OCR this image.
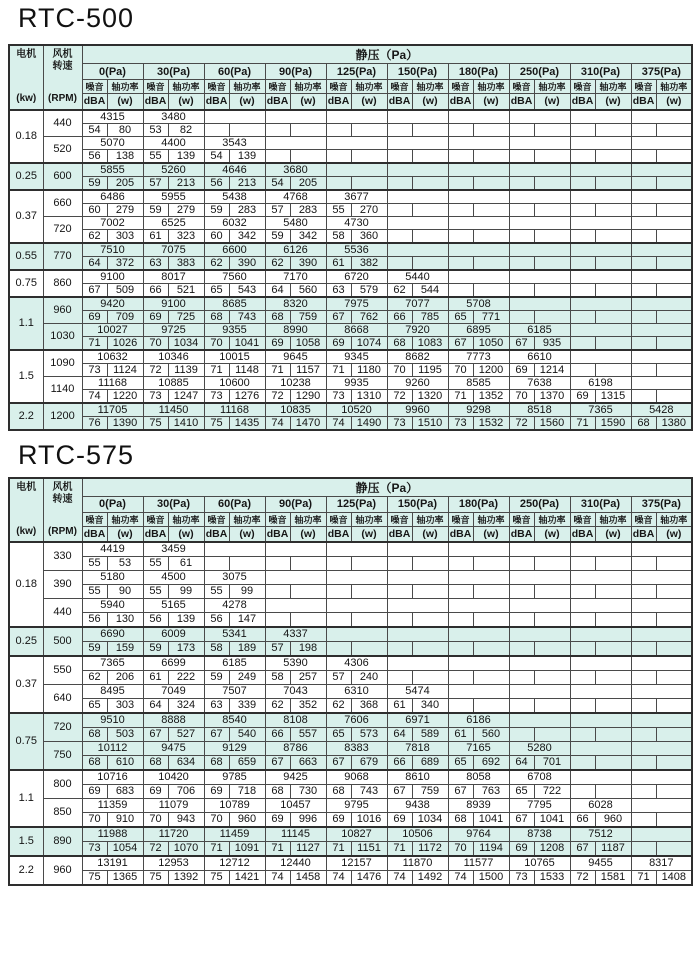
RTC-500
电机
(kw)

风机
转速
(RPM)
	静压（Pa）
		0(Pa)		30(Pa)		60(Pa)		90(Pa)		125(Pa)		150(Pa)		180(Pa)		250(Pa)		310(Pa)		375(Pa)	
		噪音	轴功率	噪音	轴功率	噪音	轴功率	噪音	轴功率	噪音	轴功率	噪音	轴功率	噪音	轴功率	噪音	轴功率	噪音	轴功率	噪音	轴功率
		dBA	(w)	dBA	(w)	dBA	(w)	dBA	(w)	dBA	(w)	dBA	(w)	dBA	(w)	dBA	(w)	dBA	(w)	dBA	(w)
0.18	440	4315		3480																	
		54	80	53	82																
	520	5070		4400		3543															
		56	138	55	139	54	139														
0.25	600	5855		5260		4646		3680													
		59	205	57	213	56	213	54	205												
0.37	660	6486		5955		5438		4768		3677											
		60	279	59	279	59	283	57	283	55	270										
	720	7002		6525		6032		5480		4730											
		62	303	61	323	60	342	59	342	58	360										
0.55	770	7510		7075		6600		6126		5536											
		64	372	63	383	62	390	62	390	61	382										
0.75	860	9100		8017		7560		7170		6720		5440									
		67	509	66	521	65	543	64	560	63	579	62	544								
1.1	960	9420		9100		8685		8320		7975		7077		5708							
		69	709	69	725	68	743	68	759	67	762	66	785	65	771						
	1030	10027		9725		9355		8990		8668		7920		6895		6185					
		71	1026	70	1034	70	1041	69	1058	69	1074	68	1083	67	1050	67	935				
1.5	1090	10632		10346		10015		9645		9345		8682		7773		6610					
		73	1124	72	1139	71	1148	71	1157	71	1180	70	1195	70	1200	69	1214				
	1140	11168		10885		10600		10238		9935		9260		8585		7638		6198			
		74	1220	73	1247	73	1276	72	1290	73	1310	72	1320	71	1352	70	1370	69	1315		
2.2	1200	11705		11450		11168		10835		10520		9960		9298		8518		7365		5428	
		76	1390	75	1410	75	1435	74	1470	74	1490	73	1510	73	1532	72	1560	71	1590	68	1380
RTC-575
电机
(kw)

风机
转速
(RPM)
	静压（Pa）
		0(Pa)		30(Pa)		60(Pa)		90(Pa)		125(Pa)		150(Pa)		180(Pa)		250(Pa)		310(Pa)		375(Pa)	
		噪音	轴功率	噪音	轴功率	噪音	轴功率	噪音	轴功率	噪音	轴功率	噪音	轴功率	噪音	轴功率	噪音	轴功率	噪音	轴功率	噪音	轴功率
		dBA	(w)	dBA	(w)	dBA	(w)	dBA	(w)	dBA	(w)	dBA	(w)	dBA	(w)	dBA	(w)	dBA	(w)	dBA	(w)
0.18	330	4419		3459																	
		55	53	55	61																
	390	5180		4500		3075															
		55	90	55	99	55	99														
	440	5940		5165		4278															
		56	130	56	139	56	147														
0.25	500	6690		6009		5341		4337													
		59	159	59	173	58	189	57	198												
0.37	550	7365		6699		6185		5390		4306											
		62	206	61	222	59	249	58	257	57	240										
	640	8495		7049		7507		7043		6310		5474									
		65	303	64	324	63	339	62	352	62	368	61	340								
0.75	720	9510		8888		8540		8108		7606		6971		6186							
		68	503	67	527	67	540	66	557	65	573	64	589	61	560						
	750	10112		9475		9129		8786		8383		7818		7165		5280					
		68	610	68	634	68	659	67	663	67	679	66	689	65	692	64	701				
1.1	800	10716		10420		9785		9425		9068		8610		8058		6708					
		69	683	69	706	69	718	68	730	68	743	67	759	67	763	65	722				
	850	11359		11079		10789		10457		9795		9438		8939		7795		6028			
		70	910	70	943	70	960	69	996	69	1016	69	1034	68	1041	67	1041	66	960		
1.5	890	11988		11720		11459		11145		10827		10506		9764		8738		7512			
		73	1054	72	1070	71	1091	71	1127	71	1151	71	1172	70	1194	69	1208	67	1187		
2.2	960	13191		12953		12712		12440		12157		11870		11577		10765		9455		8317	
		75	1365	75	1392	75	1421	74	1458	74	1476	74	1492	74	1500	73	1533	72	1581	71	1408
